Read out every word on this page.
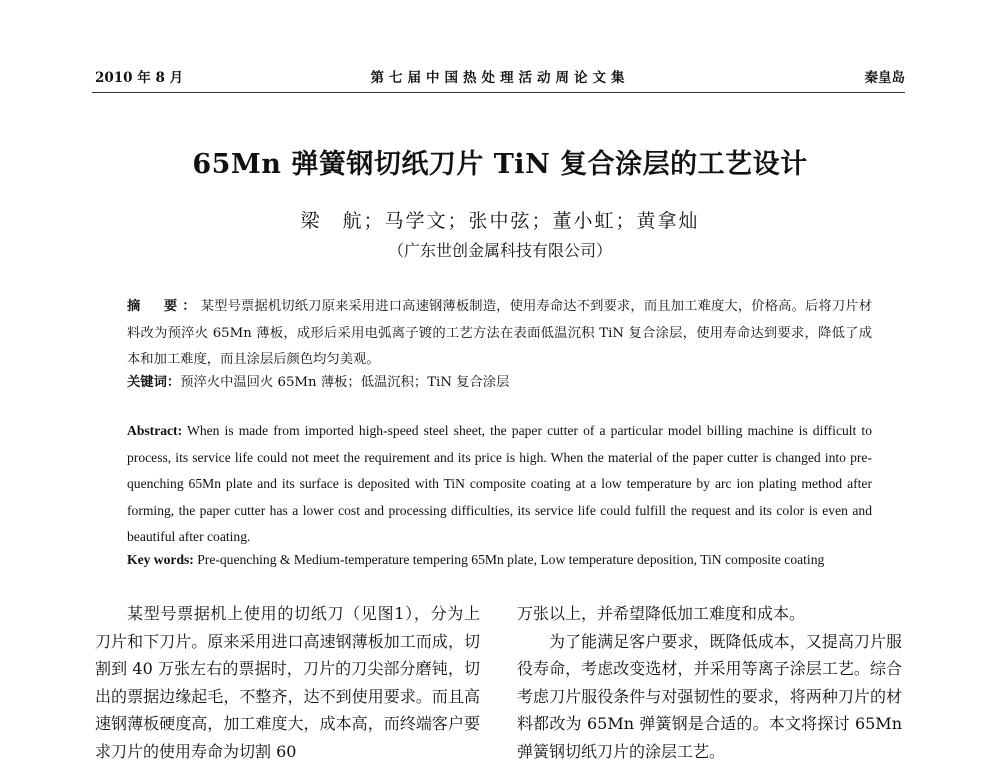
2010 年 8 月	第七届中国热处理活动周论文集	秦皇岛
65Mn 弹簧钢切纸刀片 TiN 复合涂层的工艺设计
梁　航；马学文；张中弦；董小虹；黄拿灿
（广东世创金属科技有限公司）
摘　要：某型号票据机切纸刀原来采用进口高速钢薄板制造，使用寿命达不到要求，而且加工难度大，价格高。后将刀片材料改为预淬火 65Mn 薄板，成形后采用电弧离子镀的工艺方法在表面低温沉积 TiN 复合涂层，使用寿命达到要求，降低了成本和加工难度，而且涂层后颜色均匀美观。
关键词：预淬火中温回火 65Mn 薄板；低温沉积；TiN 复合涂层
Abstract: When is made from imported high-speed steel sheet, the paper cutter of a particular model billing machine is difficult to process, its service life could not meet the requirement and its price is high. When the material of the paper cutter is changed into pre-quenching 65Mn plate and its surface is deposited with TiN composite coating at a low temperature by arc ion plating method after forming, the paper cutter has a lower cost and processing difficulties, its service life could fulfill the request and its color is even and beautiful after coating.
Key words: Pre-quenching & Medium-temperature tempering 65Mn plate, Low temperature deposition, TiN composite coating

某型号票据机上使用的切纸刀（见图1），分为上刀片和下刀片。原来采用进口高速钢薄板加工而成，切割到 40 万张左右的票据时，刀片的刀尖部分磨钝，切出的票据边缘起毛，不整齐，达不到使用要求。而且高速钢薄板硬度高，加工难度大，成本高，而终端客户要求刀片的使用寿命为切割 60

万张以上，并希望降低加工难度和成本。

为了能满足客户要求，既降低成本，又提高刀片服役寿命，考虑改变选材，并采用等离子涂层工艺。综合考虑刀片服役条件与对强韧性的要求，将两种刀片的材料都改为 65Mn 弹簧钢是合适的。本文将探讨 65Mn 弹簧钢切纸刀片的涂层工艺。
